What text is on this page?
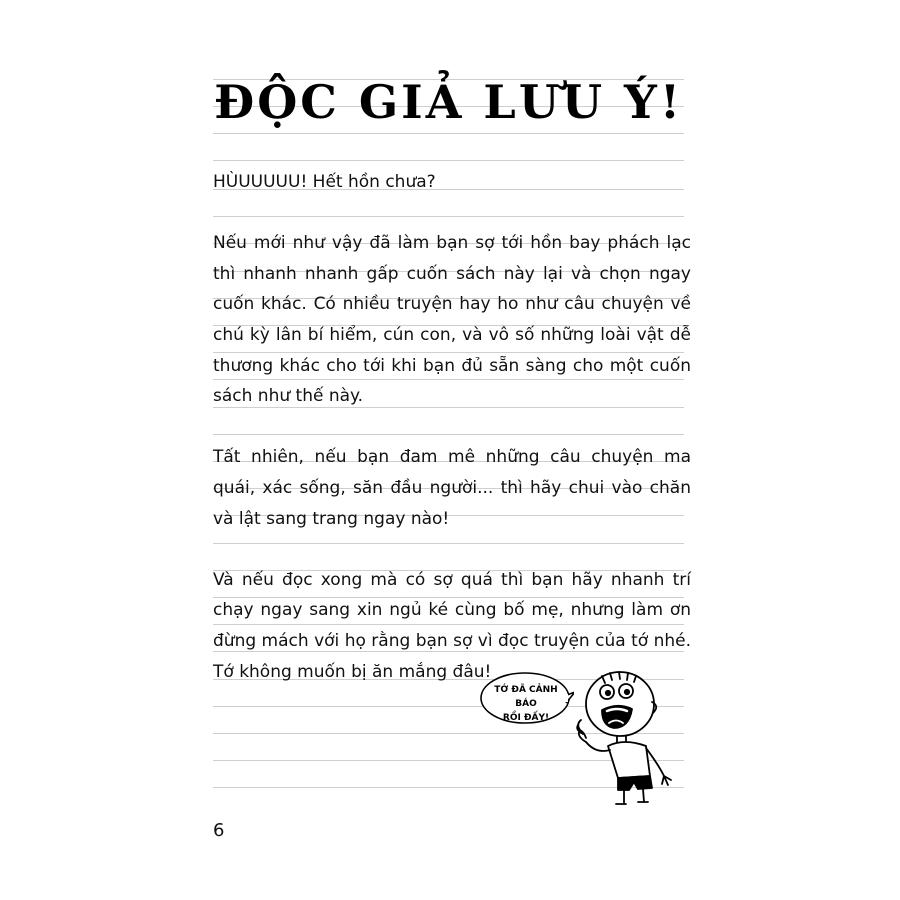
ĐỘC GIẢ LƯU Ý!

HÙUUUUU! Hết hồn chưa?

Nếu mới như vậy đã làm bạn sợ tới hồn bay phách lạc thì nhanh nhanh gấp cuốn sách này lại và chọn ngay cuốn khác. Có nhiều truyện hay ho như câu chuyện về chú kỳ lân bí hiểm, cún con, và vô số những loài vật dễ thương khác cho tới khi bạn đủ sẵn sàng cho một cuốn sách như thế này.

Tất nhiên, nếu bạn đam mê những câu chuyện ma quái, xác sống, săn đầu người... thì hãy chui vào chăn và lật sang trang ngay nào!

Và nếu đọc xong mà có sợ quá thì bạn hãy nhanh trí chạy ngay sang xin ngủ ké cùng bố mẹ, nhưng làm ơn đừng mách với họ rằng bạn sợ vì đọc truyện của tớ nhé. Tớ không muốn bị ăn mắng đâu!

TỚ ĐÃ CẢNH BÁO
RỒI ĐẤY!
6
